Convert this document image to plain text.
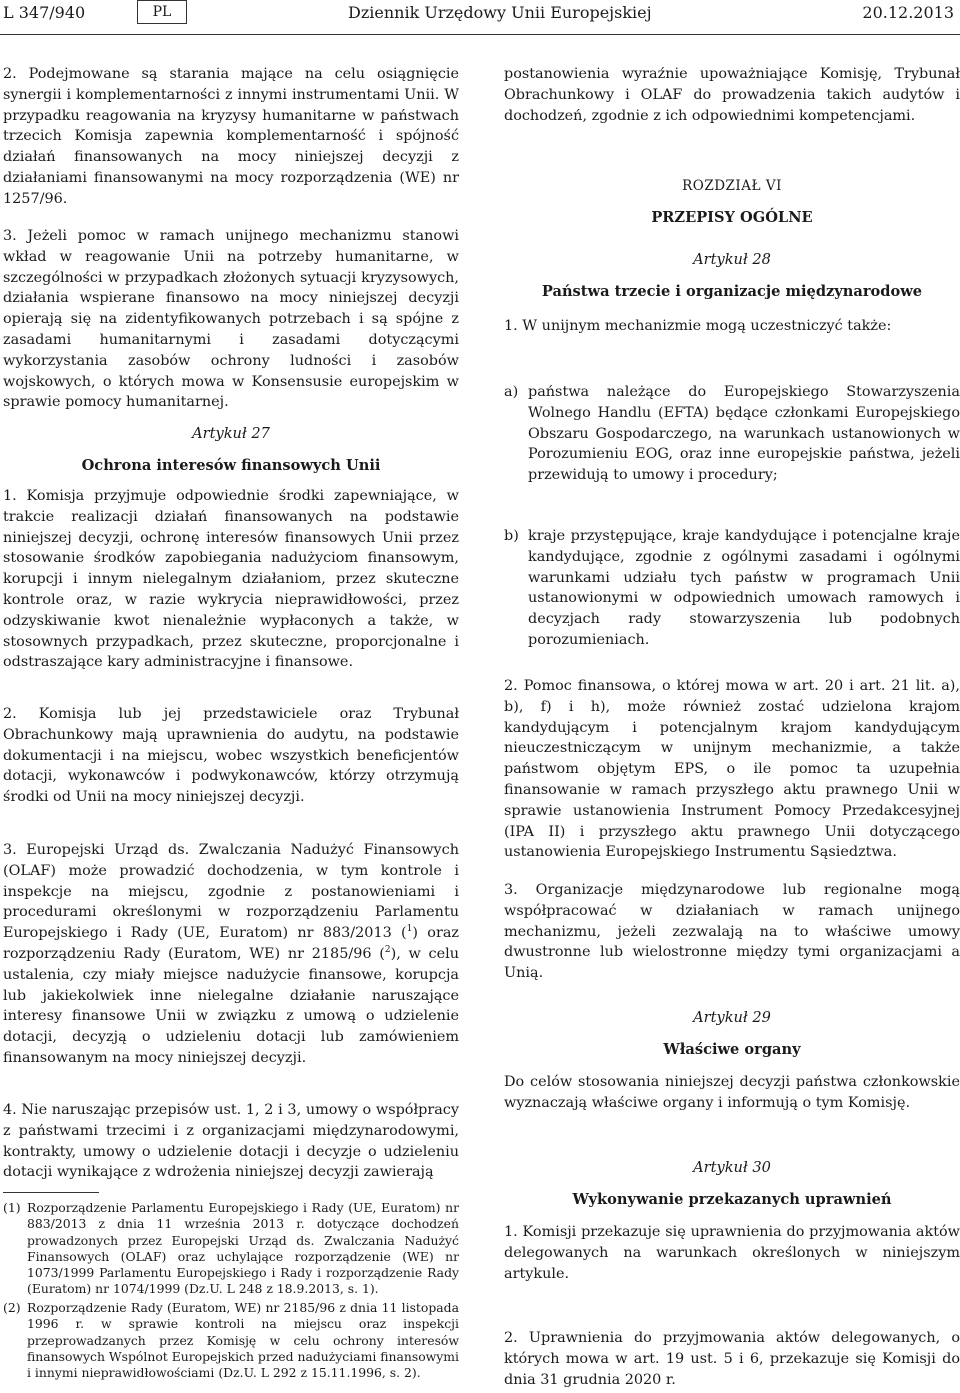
L 347/940	PL	Dziennik Urzędowy Unii Europejskiej	20.12.2013

2. Podejmowane są starania mające na celu osiągnięcie synergii i komplementarności z innymi instrumentami Unii. W przypadku reagowania na kryzysy humanitarne w państwach trzecich Komisja zapewnia komplementarność i spójność działań finansowanych na mocy niniejszej decyzji z działaniami finansowanymi na mocy rozporządzenia (WE) nr 1257/96.

3. Jeżeli pomoc w ramach unijnego mechanizmu stanowi wkład w reagowanie Unii na potrzeby humanitarne, w szczególności w przypadkach złożonych sytuacji kryzysowych, działania wspierane finansowo na mocy niniejszej decyzji opierają się na zidentyfikowanych potrzebach i są spójne z zasadami humanitarnymi i zasadami dotyczącymi wykorzystania zasobów ochrony ludności i zasobów wojskowych, o których mowa w Konsensusie europejskim w sprawie pomocy humanitarnej.

Artykuł 27
Ochrona interesów finansowych Unii

1. Komisja przyjmuje odpowiednie środki zapewniające, w trakcie realizacji działań finansowanych na podstawie niniejszej decyzji, ochronę interesów finansowych Unii przez stosowanie środków zapobiegania nadużyciom finansowym, korupcji i innym nielegalnym działaniom, przez skuteczne kontrole oraz, w razie wykrycia nieprawidłowości, przez odzyskiwanie kwot nienależnie wypłaconych a także, w stosownych przypadkach, przez skuteczne, proporcjonalne i odstraszające kary administracyjne i finansowe.

2. Komisja lub jej przedstawiciele oraz Trybunał Obrachunkowy mają uprawnienia do audytu, na podstawie dokumentacji i na miejscu, wobec wszystkich beneficjentów dotacji, wykonawców i podwykonawców, którzy otrzymują środki od Unii na mocy niniejszej decyzji.

3. Europejski Urząd ds. Zwalczania Nadużyć Finansowych (OLAF) może prowadzić dochodzenia, w tym kontrole i inspekcje na miejscu, zgodnie z postanowieniami i procedurami określonymi w rozporządzeniu Parlamentu Europejskiego i Rady (UE, Euratom) nr 883/2013 ($^1$) oraz rozporządzeniu Rady (Euratom, WE) nr 2185/96 ($^2$), w celu ustalenia, czy miały miejsce nadużycie finansowe, korupcja lub jakiekolwiek inne nielegalne działanie naruszające interesy finansowe Unii w związku z umową o udzielenie dotacji, decyzją o udzieleniu dotacji lub zamówieniem finansowanym na mocy niniejszej decyzji.

4. Nie naruszając przepisów ust. 1, 2 i 3, umowy o współpracy z państwami trzecimi i z organizacjami międzynarodowymi, kontrakty, umowy o udzielenie dotacji i decyzje o udzieleniu dotacji wynikające z wdrożenia niniejszej decyzji zawierają

(1) Rozporządzenie Parlamentu Europejskiego i Rady (UE, Euratom) nr 883/2013 z dnia 11 września 2013 r. dotyczące dochodzeń prowadzonych przez Europejski Urząd ds. Zwalczania Nadużyć Finansowych (OLAF) oraz uchylające rozporządzenie (WE) nr 1073/1999 Parlamentu Europejskiego i Rady i rozporządzenie Rady (Euratom) nr 1074/1999 (Dz.U. L 248 z 18.9.2013, s. 1).
(2) Rozporządzenie Rady (Euratom, WE) nr 2185/96 z dnia 11 listopada 1996 r. w sprawie kontroli na miejscu oraz inspekcji przeprowadzanych przez Komisję w celu ochrony interesów finansowych Wspólnot Europejskich przed nadużyciami finansowymi i innymi nieprawidłowościami (Dz.U. L 292 z 15.11.1996, s. 2).

postanowienia wyraźnie upoważniające Komisję, Trybunał Obrachunkowy i OLAF do prowadzenia takich audytów i dochodzeń, zgodnie z ich odpowiednimi kompetencjami.

ROZDZIAŁ VI
PRZEPISY OGÓLNE
Artykuł 28
Państwa trzecie i organizacje międzynarodowe

1. W unijnym mechanizmie mogą uczestniczyć także:

a) państwa należące do Europejskiego Stowarzyszenia Wolnego Handlu (EFTA) będące członkami Europejskiego Obszaru Gospodarczego, na warunkach ustanowionych w Porozumieniu EOG, oraz inne europejskie państwa, jeżeli przewidują to umowy i procedury;
b) kraje przystępujące, kraje kandydujące i potencjalne kraje kandydujące, zgodnie z ogólnymi zasadami i ogólnymi warunkami udziału tych państw w programach Unii ustanowionymi w odpowiednich umowach ramowych i decyzjach rady stowarzyszenia lub podobnych porozumieniach.

2. Pomoc finansowa, o której mowa w art. 20 i art. 21 lit. a), b), f) i h), może również zostać udzielona krajom kandydującym i potencjalnym krajom kandydującym nieuczestniczącym w unijnym mechanizmie, a także państwom objętym EPS, o ile pomoc ta uzupełnia finansowanie w ramach przyszłego aktu prawnego Unii w sprawie ustanowienia Instrument Pomocy Przedakcesyjnej (IPA II) i przyszłego aktu prawnego Unii dotyczącego ustanowienia Europejskiego Instrumentu Sąsiedztwa.

3. Organizacje międzynarodowe lub regionalne mogą współpracować w działaniach w ramach unijnego mechanizmu, jeżeli zezwalają na to właściwe umowy dwustronne lub wielostronne między tymi organizacjami a Unią.

Artykuł 29
Właściwe organy

Do celów stosowania niniejszej decyzji państwa członkowskie wyznaczają właściwe organy i informują o tym Komisję.

Artykuł 30
Wykonywanie przekazanych uprawnień

1. Komisji przekazuje się uprawnienia do przyjmowania aktów delegowanych na warunkach określonych w niniejszym artykule.

2. Uprawnienia do przyjmowania aktów delegowanych, o których mowa w art. 19 ust. 5 i 6, przekazuje się Komisji do dnia 31 grudnia 2020 r.
